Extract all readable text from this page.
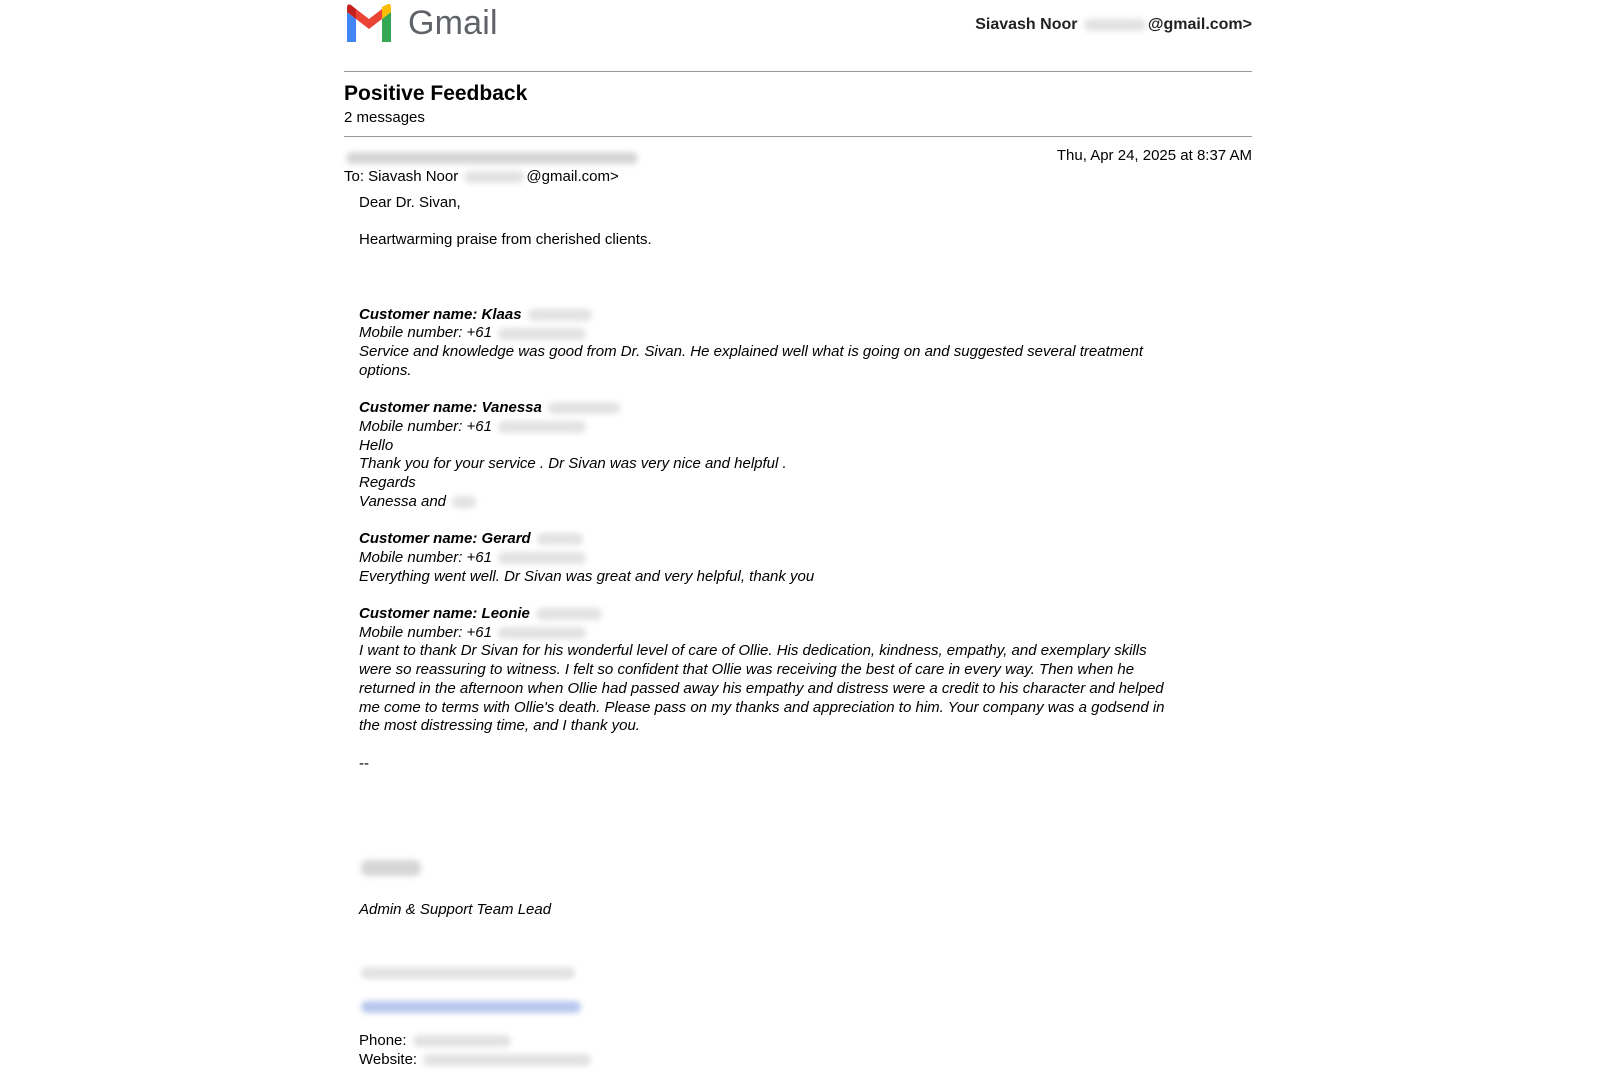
Gmail	Siavash Noor	@gmail.com>
Positive Feedback
2 messages
Thu, Apr 24, 2025 at 8:37 AM
To: Siavash Noor	@gmail.com>

Dear Dr. Sivan,

Heartwarming praise from cherished clients.

Customer name: Klaas
Mobile number: +61
Service and knowledge was good from Dr. Sivan. He explained well what is going on and suggested several treatment
options.
Customer name: Vanessa
Mobile number: +61
Hello
Thank you for your service . Dr Sivan was very nice and helpful .
Regards
Vanessa and
Customer name: Gerard
Mobile number: +61
Everything went well. Dr Sivan was great and very helpful, thank you
Customer name: Leonie
Mobile number: +61
I want to thank Dr Sivan for his wonderful level of care of Ollie. His dedication, kindness, empathy, and exemplary skills
were so reassuring to witness. I felt so confident that Ollie was receiving the best of care in every way. Then when he
returned in the afternoon when Ollie had passed away his empathy and distress were a credit to his character and helped
me come to terms with Ollie's death. Please pass on my thanks and appreciation to him. Your company was a godsend in
the most distressing time, and I thank you.
--
Admin & Support Team Lead
Phone:
Website:
